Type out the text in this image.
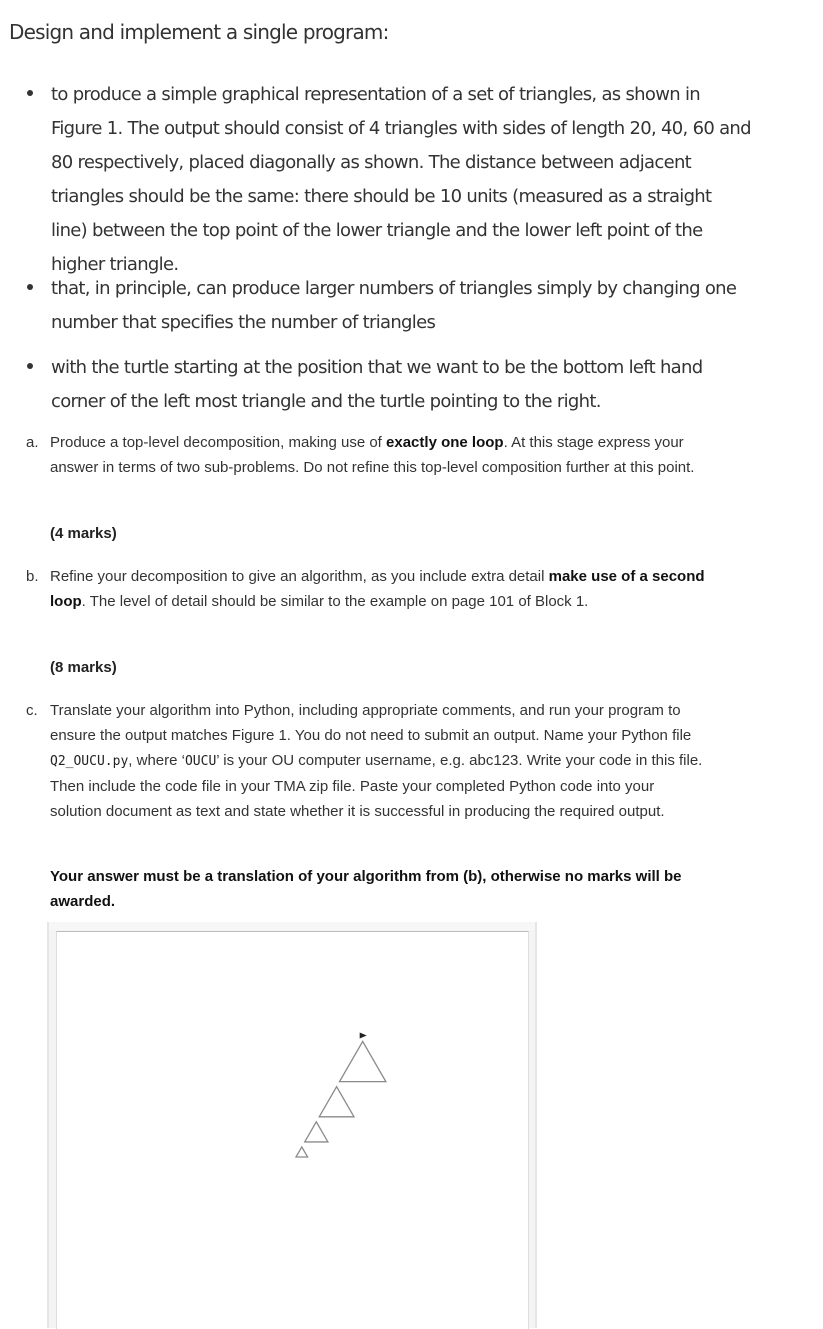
Design and implement a single program:
to produce a simple graphical representation of a set of triangles, as shown in Figure 1. The output should consist of 4 triangles with sides of length 20, 40, 60 and 80 respectively, placed diagonally as shown. The distance between adjacent triangles should be the same: there should be 10 units (measured as a straight line) between the top point of the lower triangle and the lower left point of the higher triangle.
that, in principle, can produce larger numbers of triangles simply by changing one number that specifies the number of triangles
with the turtle starting at the position that we want to be the bottom left hand corner of the left most triangle and the turtle pointing to the right.
a. Produce a top-level decomposition, making use of exactly one loop. At this stage express your answer in terms of two sub-problems. Do not refine this top-level composition further at this point.
b. Refine your decomposition to give an algorithm, as you include extra detail make use of a second loop. The level of detail should be similar to the example on page 101 of Block 1.
c. Translate your algorithm into Python, including appropriate comments, and run your program to ensure the output matches Figure 1. You do not need to submit an output. Name your Python file Q2_OUCU.py, where ‘OUCU’ is your OU computer username, e.g. abc123. Write your code in this file. Then include the code file in your TMA zip file. Paste your completed Python code into your solution document as text and state whether it is successful in producing the required output.
(4 marks)
(8 marks)
Your answer must be a translation of your algorithm from (b), otherwise no marks will be awarded.
